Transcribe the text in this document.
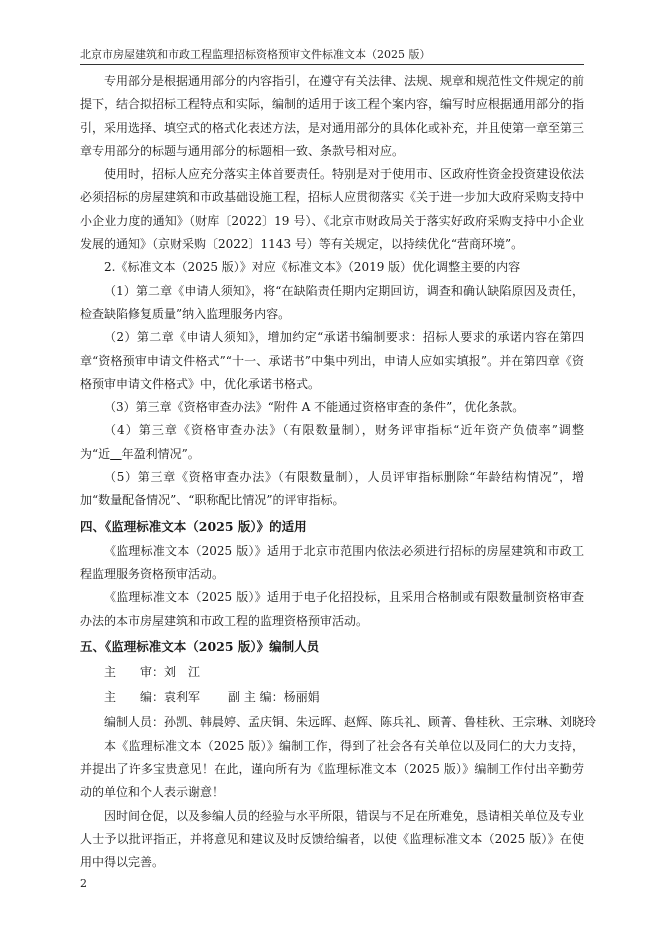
北京市房屋建筑和市政工程监理招标资格预审文件标准文本（2025 版）

专用部分是根据通用部分的内容指引，在遵守有关法律、法规、规章和规范性文件规定的前提下，结合拟招标工程特点和实际，编制的适用于该工程个案内容，编写时应根据通用部分的指引，采用选择、填空式的格式化表述方法，是对通用部分的具体化或补充，并且使第一章至第三章专用部分的标题与通用部分的标题相一致、条款号相对应。

使用时，招标人应充分落实主体首要责任。特别是对于使用市、区政府性资金投资建设依法必须招标的房屋建筑和市政基础设施工程，招标人应贯彻落实《关于进一步加大政府采购支持中小企业力度的通知》（财库〔2022〕19 号）、《北京市财政局关于落实好政府采购支持中小企业发展的通知》（京财采购〔2022〕1143 号）等有关规定，以持续优化“营商环境”。

2.《标准文本（2025 版）》对应《标准文本》（2019 版）优化调整主要的内容

（1）第二章《申请人须知》，将“在缺陷责任期内定期回访，调查和确认缺陷原因及责任，检查缺陷修复质量”纳入监理服务内容。

（2）第二章《申请人须知》，增加约定“承诺书编制要求：招标人要求的承诺内容在第四章“资格预审申请文件格式”“十一、承诺书”中集中列出，申请人应如实填报”。并在第四章《资格预审申请文件格式》中，优化承诺书格式。

（3）第三章《资格审查办法》“附件 A 不能通过资格审查的条件”，优化条款。

（4）第三章《资格审查办法》（有限数量制），财务评审指标“近年资产负债率”调整为“近 年盈利情况”。

（5）第三章《资格审查办法》（有限数量制），人员评审指标删除“年龄结构情况”，增加“数量配备情况”、“职称配比情况”的评审指标。

四、《监理标准文本（2025 版）》的适用

《监理标准文本（2025 版）》适用于北京市范围内依法必须进行招标的房屋建筑和市政工程监理服务资格预审活动。

《监理标准文本（2025 版）》适用于电子化招投标，且采用合格制或有限数量制资格审查办法的本市房屋建筑和市政工程的监理资格预审活动。

五、《监理标准文本（2025 版）》编制人员
主　　审：刘　江
主　　编：袁利军 副 主 编：杨丽娟
编制人员：孙凯、韩晨婷、孟庆铜、朱远晖、赵辉、陈兵礼、顾菁、鲁桂秋、王宗琳、刘晓玲

本《监理标准文本（2025 版）》编制工作，得到了社会各有关单位以及同仁的大力支持，并提出了许多宝贵意见！在此，谨向所有为《监理标准文本（2025 版）》编制工作付出辛勤劳动的单位和个人表示谢意！

因时间仓促，以及参编人员的经验与水平所限，错误与不足在所难免，恳请相关单位及专业人士予以批评指正，并将意见和建议及时反馈给编者，以使《监理标准文本（2025 版）》在使用中得以完善。

2
